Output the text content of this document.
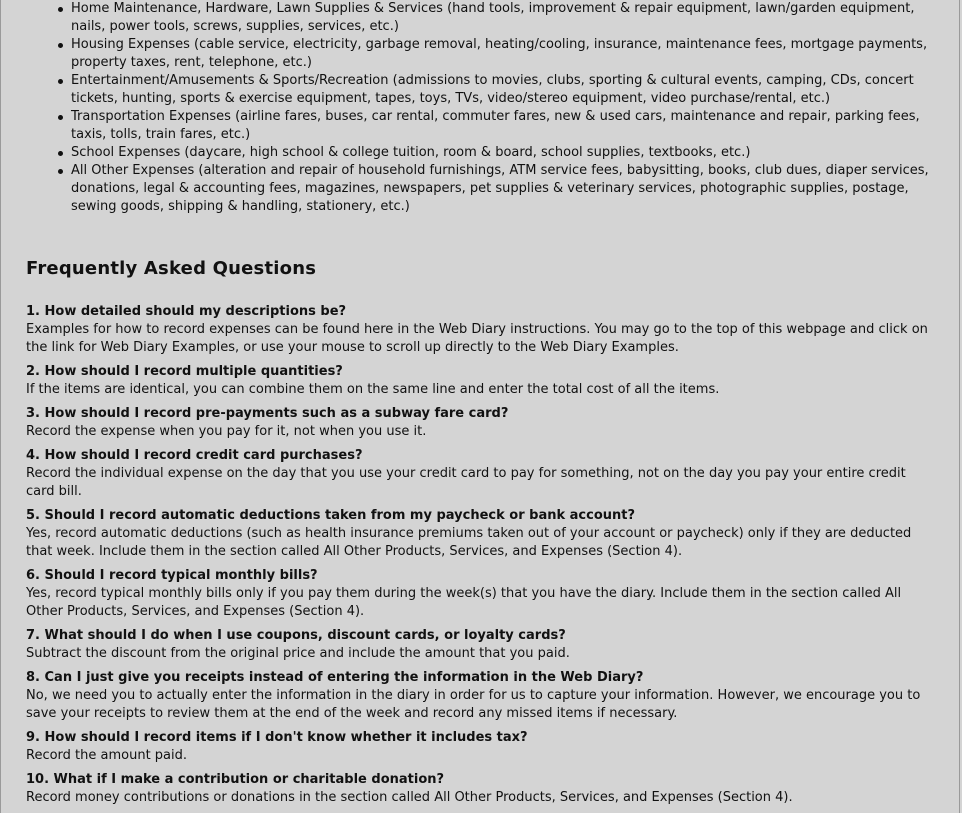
Home Maintenance, Hardware, Lawn Supplies & Services (hand tools, improvement & repair equipment, lawn/garden equipment, nails, power tools, screws, supplies, services, etc.)
Housing Expenses (cable service, electricity, garbage removal, heating/cooling, insurance, maintenance fees, mortgage payments, property taxes, rent, telephone, etc.)
Entertainment/Amusements & Sports/Recreation (admissions to movies, clubs, sporting & cultural events, camping, CDs, concert tickets, hunting, sports & exercise equipment, tapes, toys, TVs, video/stereo equipment, video purchase/rental, etc.)
Transportation Expenses (airline fares, buses, car rental, commuter fares, new & used cars, maintenance and repair, parking fees, taxis, tolls, train fares, etc.)
School Expenses (daycare, high school & college tuition, room & board, school supplies, textbooks, etc.)
All Other Expenses (alteration and repair of household furnishings, ATM service fees, babysitting, books, club dues, diaper services, donations, legal & accounting fees, magazines, newspapers, pet supplies & veterinary services, photographic supplies, postage, sewing goods, shipping & handling, stationery, etc.)
Frequently Asked Questions
1. How detailed should my descriptions be?
Examples for how to record expenses can be found here in the Web Diary instructions. You may go to the top of this webpage and click on the link for Web Diary Examples, or use your mouse to scroll up directly to the Web Diary Examples.
2. How should I record multiple quantities?
If the items are identical, you can combine them on the same line and enter the total cost of all the items.
3. How should I record pre-payments such as a subway fare card?
Record the expense when you pay for it, not when you use it.
4. How should I record credit card purchases?
Record the individual expense on the day that you use your credit card to pay for something, not on the day you pay your entire credit card bill.
5. Should I record automatic deductions taken from my paycheck or bank account?
Yes, record automatic deductions (such as health insurance premiums taken out of your account or paycheck) only if they are deducted that week. Include them in the section called All Other Products, Services, and Expenses (Section 4).
6. Should I record typical monthly bills?
Yes, record typical monthly bills only if you pay them during the week(s) that you have the diary. Include them in the section called All Other Products, Services, and Expenses (Section 4).
7. What should I do when I use coupons, discount cards, or loyalty cards?
Subtract the discount from the original price and include the amount that you paid.
8. Can I just give you receipts instead of entering the information in the Web Diary?
No, we need you to actually enter the information in the diary in order for us to capture your information. However, we encourage you to save your receipts to review them at the end of the week and record any missed items if necessary.
9. How should I record items if I don't know whether it includes tax?
Record the amount paid.
10. What if I make a contribution or charitable donation?
Record money contributions or donations in the section called All Other Products, Services, and Expenses (Section 4).
